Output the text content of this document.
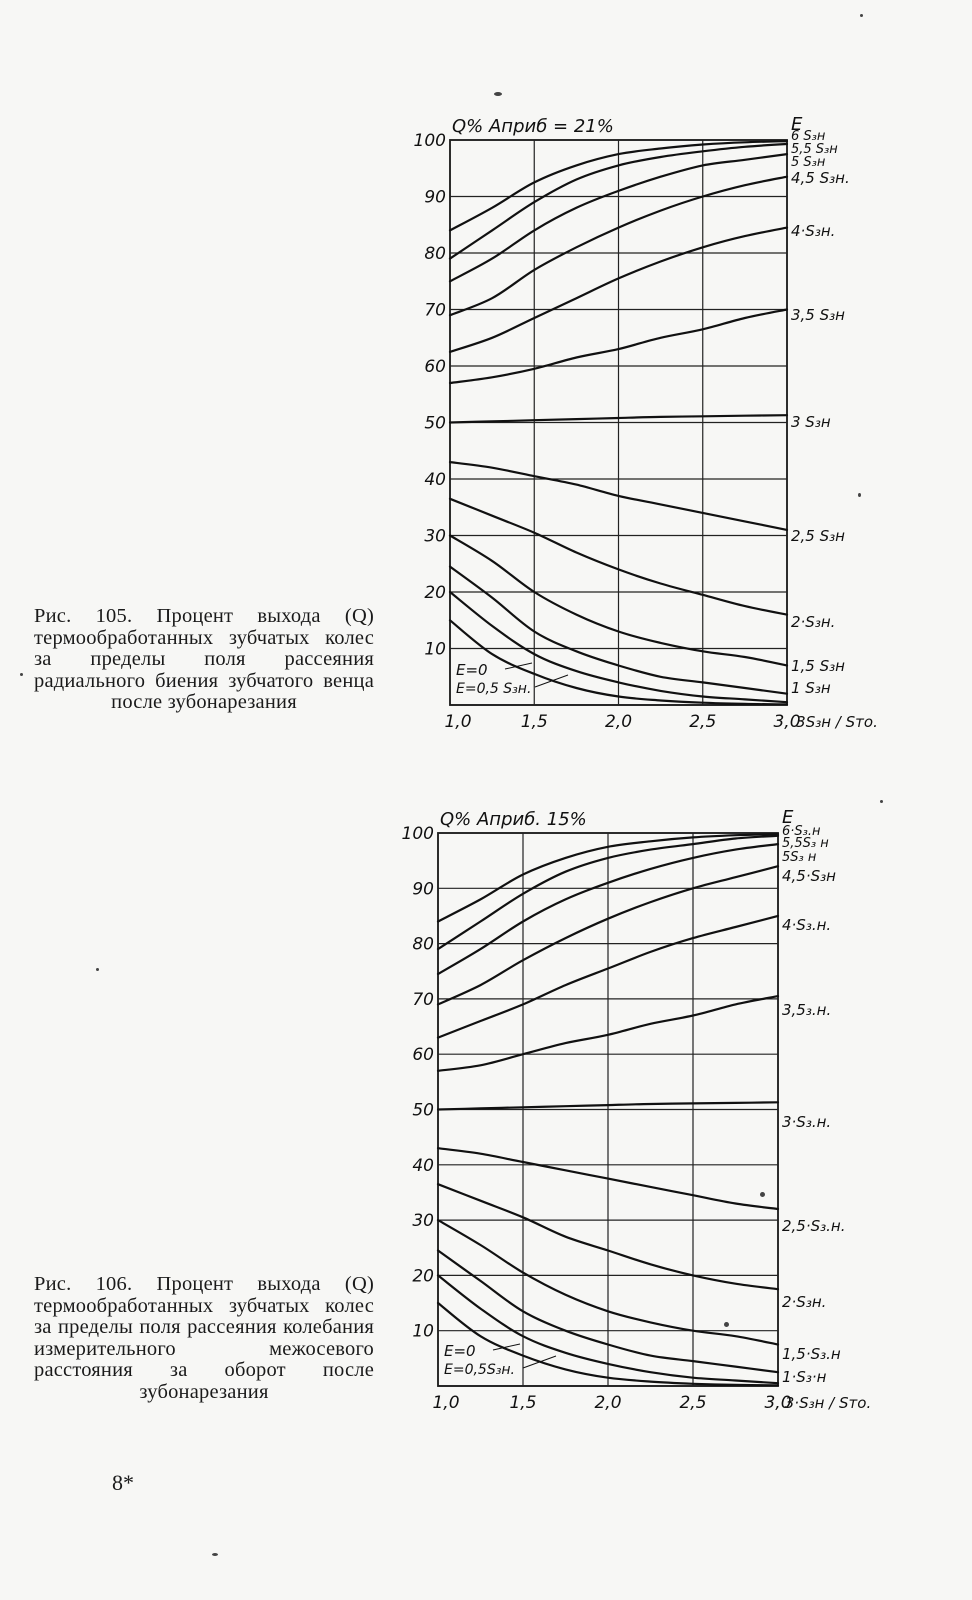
10
20
30
40
50
60
70
80
90
100
1,0	1,5	2,0	2,5	3,0
Q% Априб = 21%	E
3S₃н / Sто.
E=0
E=0,5 S₃н.	1 S₃н
1,5 S₃н
2·S₃н.
2,5 S₃н
3 S₃н
3,5 S₃н
4·S₃н.
4,5 S₃н.
5 S₃н
5,5 S₃н
6 S₃н

Рис. 105. Процент выхода (Q) термообработанных зубчатых колес за пределы поля рассеяния радиального биения зубчатого венца после зубонарезания

10
20
30
40
50
60
70
80
90
100
1,0	1,5	2,0	2,5	3,0
Q% Априб. 15%	E
3·S₃н / Sто.
E=0
E=0,5S₃н.	1·S₃·н
1,5·S₃.н
2·S₃н.
2,5·S₃.н.
3·S₃.н.
3,5₃.н.
4·S₃.н.
4,5·S₃н
5S₃ н
5,5S₃ н
6·S₃.н

Рис. 106. Процент выхода (Q) термообработанных зубчатых колес за пределы поля рассеяния колебания измерительного межосевого расстояния за оборот после зубонарезания

8*
